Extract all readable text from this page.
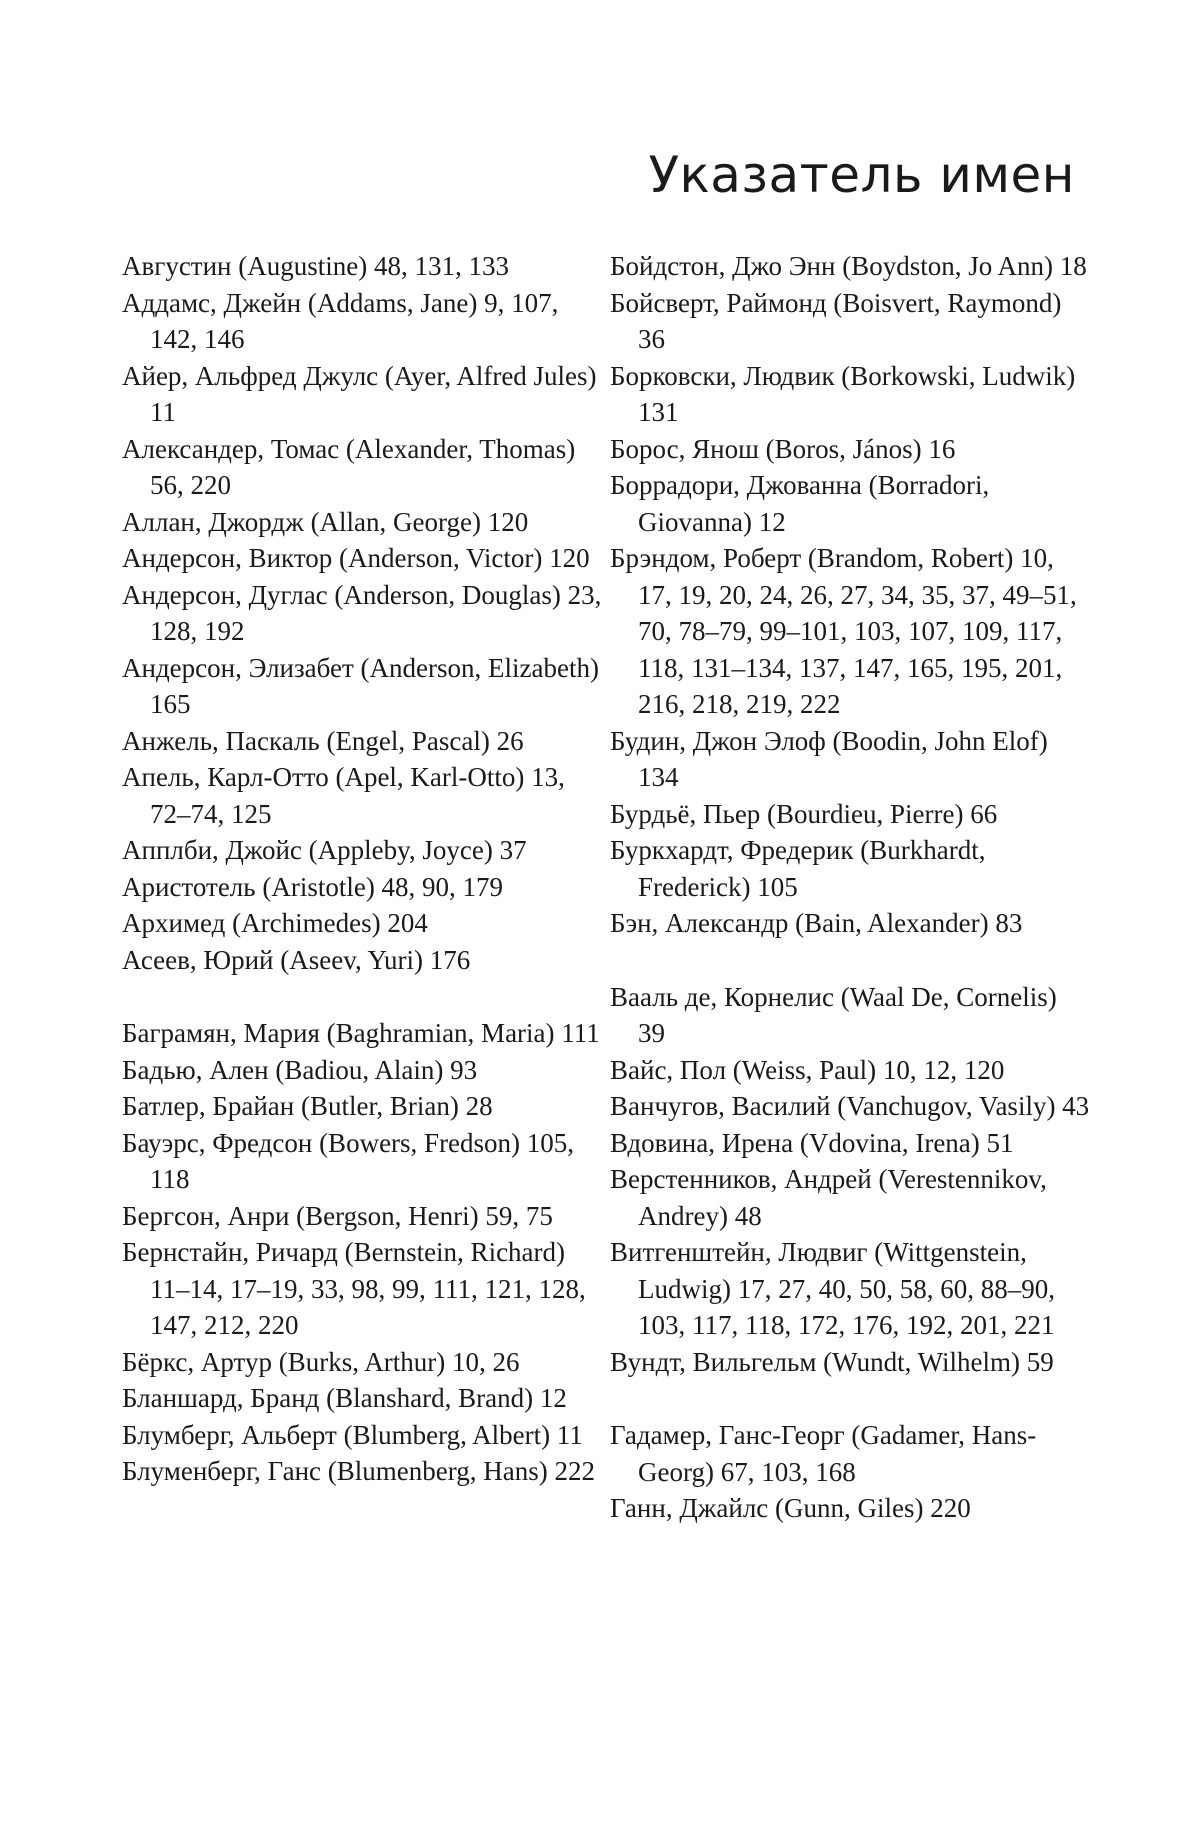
Указатель имен

Августин (Augustine) 48, 131, 133

Аддамс, Джейн (Addams, Jane) 9, 107, 142, 146

Айер, Альфред Джулс (Ayer, Alfred Jules) 11

Александер, Томас (Alexander, Thomas) 56, 220

Аллан, Джордж (Allan, George) 120

Андерсон, Виктор (Anderson, Victor) 120

Андерсон, Дуглас (Anderson, Douglas) 23, 128, 192

Андерсон, Элизабет (Anderson, Elizabeth) 165

Анжель, Паскаль (Engel, Pascal) 26

Апель, Карл-Отто (Apel, Karl-Otto) 13, 72–74, 125

Апплби, Джойс (Appleby, Joyce) 37

Аристотель (Aristotle) 48, 90, 179

Архимед (Archimedes) 204

Асеев, Юрий (Aseev, Yuri) 176

Баграмян, Мария (Baghramian, Maria) 111

Бадью, Ален (Badiou, Alain) 93

Батлер, Брайан (Butler, Brian) 28

Бауэрс, Фредсон (Bowers, Fredson) 105, 118

Бергсон, Анри (Bergson, Henri) 59, 75

Бернстайн, Ричард (Bernstein, Richard) 11–14, 17–19, 33, 98, 99, 111, 121, 128, 147, 212, 220

Бёркс, Артур (Burks, Arthur) 10, 26

Бланшард, Бранд (Blanshard, Brand) 12

Блумберг, Альберт (Blumberg, Albert) 11

Блуменберг, Ганс (Blumenberg, Hans) 222

Бойдстон, Джо Энн (Boydston, Jo Ann) 18

Бойсверт, Раймонд (Boisvert, Raymond) 36

Борковски, Людвик (Borkowski, Ludwik) 131

Борос, Янош (Boros, János) 16

Боррадори, Джованна (Borradori, Giovanna) 12

Брэндом, Роберт (Brandom, Robert) 10, 17, 19, 20, 24, 26, 27, 34, 35, 37, 49–51, 70, 78–79, 99–101, 103, 107, 109, 117, 118, 131–134, 137, 147, 165, 195, 201, 216, 218, 219, 222

Будин, Джон Элоф (Boodin, John Elof) 134

Бурдьё, Пьер (Bourdieu, Pierre) 66

Буркхардт, Фредерик (Burkhardt, Frederick) 105

Бэн, Александр (Bain, Alexander) 83

Вааль де, Корнелис (Waal De, Cornelis) 39

Вайс, Пол (Weiss, Paul) 10, 12, 120

Ванчугов, Василий (Vanchugov, Vasily) 43

Вдовина, Ирена (Vdovina, Irena) 51

Верстенников, Андрей (Verestennikov, Andrey) 48

Витгенштейн, Людвиг (Wittgenstein, Ludwig) 17, 27, 40, 50, 58, 60, 88–90, 103, 117, 118, 172, 176, 192, 201, 221

Вундт, Вильгельм (Wundt, Wilhelm) 59

Гадамер, Ганс-Георг (Gadamer, Hans-Georg) 67, 103, 168

Ганн, Джайлс (Gunn, Giles) 220
